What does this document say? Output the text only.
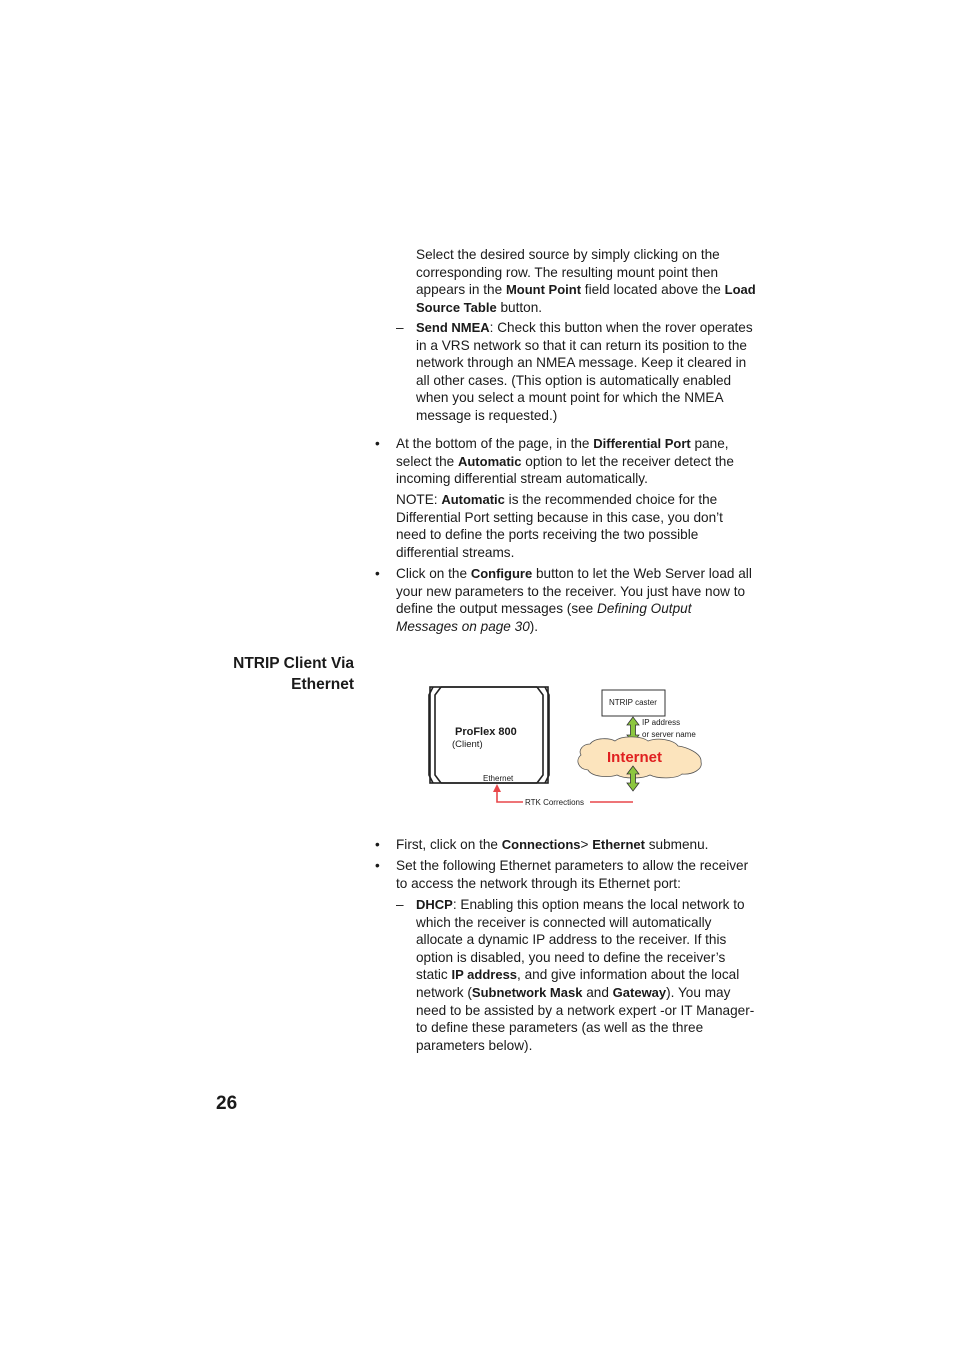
Select the desired source by simply clicking on the corresponding row. The resulting mount point then appears in the Mount Point field located above the Load Source Table button.

– Send NMEA: Check this button when the rover operates in a VRS network so that it can return its position to the network through an NMEA message. Keep it cleared in all other cases. (This option is automatically enabled when you select a mount point for which the NMEA message is requested.)

• At the bottom of the page, in the Differential Port pane, select the Automatic option to let the receiver detect the incoming differential stream automatically.

NOTE: Automatic is the recommended choice for the Differential Port setting because in this case, you don’t need to define the ports receiving the two possible differential streams.

• Click on the Configure button to let the Web Server load all your new parameters to the receiver. You just have now to define the output messages (see Defining Output Messages on page 30).

NTRIP Client Via
Ethernet
ProFlex 800
(Client)
Ethernet
NTRIP caster
IP address
or server name
Internet
RTK Corrections
• First, click on the Connections> Ethernet submenu.

• Set the following Ethernet parameters to allow the receiver to access the network through its Ethernet port:

– DHCP: Enabling this option means the local network to which the receiver is connected will automatically allocate a dynamic IP address to the receiver. If this option is disabled, you need to define the receiver’s static IP address, and give information about the local network (Subnetwork Mask and Gateway). You may need to be assisted by a network expert -or IT Manager- to define these parameters (as well as the three parameters below).

26
